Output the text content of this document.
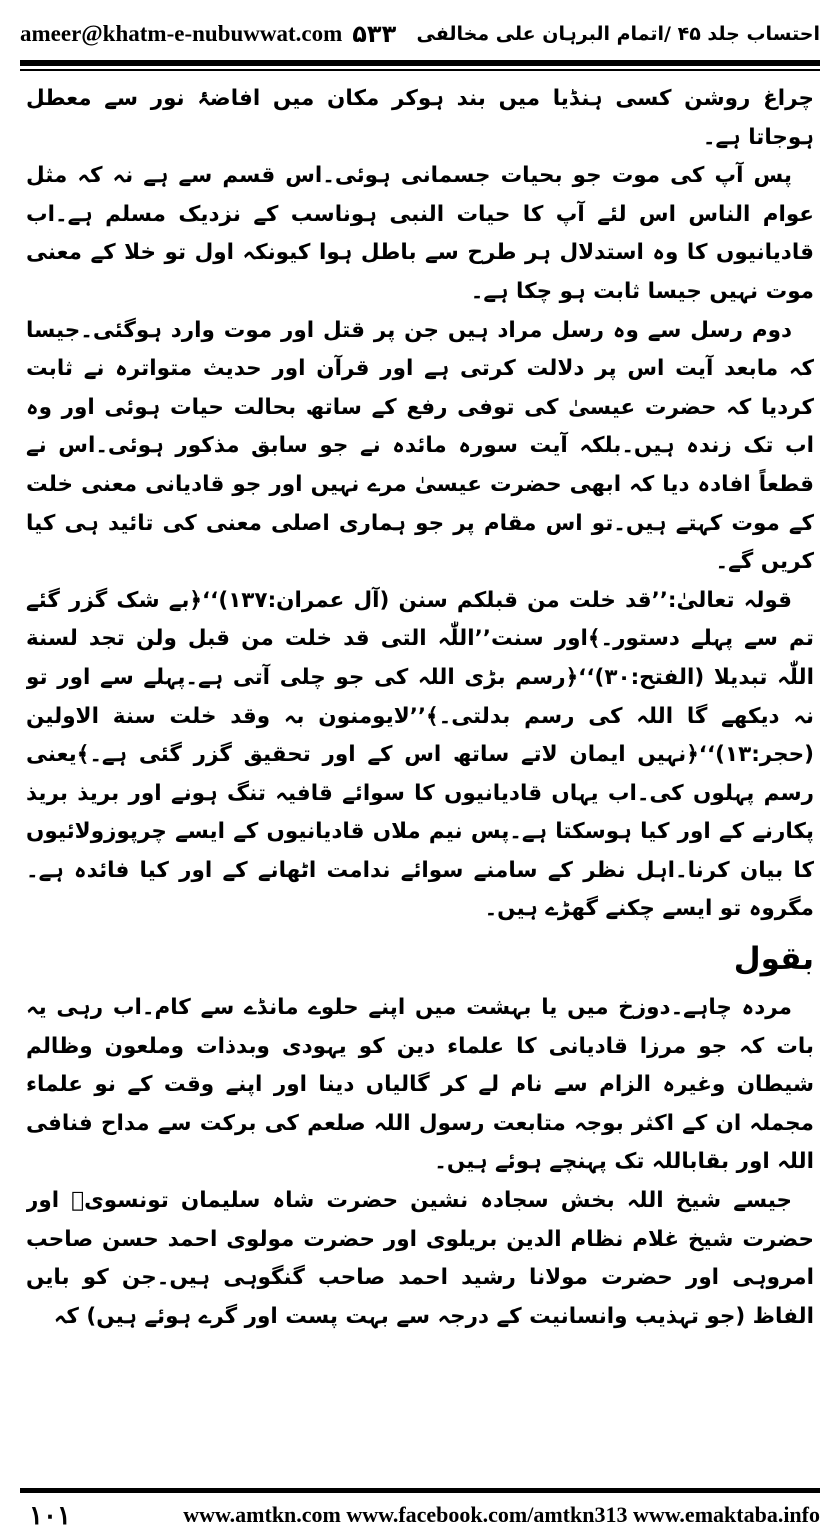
ameer@khatm-e-nubuwwat.com ۵۳۳ احتساب جلد ۴۵ /اتمام البرہان علی مخالفی

چراغ روشن کسی ہنڈیا میں بند ہوکر مکان میں افاضۂ نور سے معطل ہوجاتا ہے۔

پس آپ کی موت جو بحیات جسمانی ہوئی۔اس قسم سے ہے نہ کہ مثل عوام الناس اس لئے آپ کا حیات النبی ہوناسب کے نزدیک مسلم ہے۔اب قادیانیوں کا وہ استدلال ہر طرح سے باطل ہوا کیونکہ اول تو خلا کے معنی موت نہیں جیسا ثابت ہو چکا ہے۔

دوم رسل سے وہ رسل مراد ہیں جن پر قتل اور موت وارد ہوگئی۔جیسا کہ مابعد آیت اس پر دلالت کرتی ہے اور قرآن اور حدیث متواترہ نے ثابت کردیا کہ حضرت عیسیٰ کی توفی رفع کے ساتھ بحالت حیات ہوئی اور وہ اب تک زندہ ہیں۔بلکہ آیت سورہ مائدہ نے جو سابق مذکور ہوئی۔اس نے قطعاً افادہ دیا کہ ابھی حضرت عیسیٰ مرے نہیں اور جو قادیانی معنی خلت کے موت کہتے ہیں۔تو اس مقام پر جو ہماری اصلی معنی کی تائید ہی کیا کریں گے۔

قولہ تعالیٰ:’’قد خلت من قبلکم سنن (آل عمران:۱۳۷)‘‘﴿بے شک گزر گئے تم سے پہلے دستور۔﴾اور سنت’’اللّٰہ التی قد خلت من قبل ولن تجد لسنة اللّٰہ تبدیلا (الفتح:۳۰)‘‘﴿رسم بڑی اللہ کی جو چلی آتی ہے۔پہلے سے اور تو نہ دیکھے گا اللہ کی رسم بدلتی۔﴾’’لایومنون بہ وقد خلت سنة الاولین (حجر:۱۳)‘‘﴿نہیں ایمان لاتے ساتھ اس کے اور تحقیق گزر گئی ہے۔﴾یعنی رسم پہلوں کی۔اب یہاں قادیانیوں کا سوائے قافیہ تنگ ہونے اور بریذ بریذ پکارنے کے اور کیا ہوسکتا ہے۔پس نیم ملاں قادیانیوں کے ایسے چرپوزولائیوں کا بیان کرنا۔اہل نظر کے سامنے سوائے ندامت اٹھانے کے اور کیا فائدہ ہے۔مگروہ تو ایسے چکنے گھڑے ہیں۔

بقول

مردہ چاہے۔دوزخ میں یا بہشت میں اپنے حلوے مانڈے سے کام۔اب رہی یہ بات کہ جو مرزا قادیانی کا علماء دین کو یہودی وبدذات وملعون وظالم شیطان وغیرہ الزام سے نام لے کر گالیاں دینا اور اپنے وقت کے نو علماء مجملہ ان کے اکثر بوجہ متابعت رسول اللہ صلعم کی برکت سے مداح فنافی اللہ اور بقاباللہ تک پہنچے ہوئے ہیں۔

جیسے شیخ اللہ بخش سجادہ نشین حضرت شاہ سلیمان تونسویؒ اور حضرت شیخ غلام نظام الدین بریلوی اور حضرت مولوی احمد حسن صاحب امروہی اور حضرت مولانا رشید احمد صاحب گنگوہی ہیں۔جن کو بایں الفاظ (جو تہذیب وانسانیت کے درجہ سے بہت پست اور گرے ہوئے ہیں) کہ

۱۰۱	www.amtkn.com www.facebook.com/amtkn313 www.emaktaba.info
